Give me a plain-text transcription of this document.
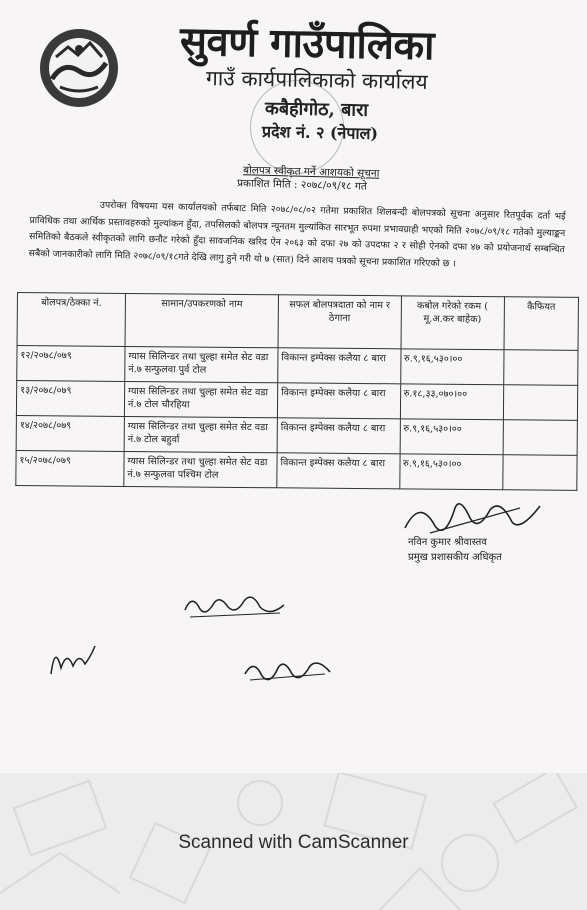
सुवर्ण गाउँपालिका
गाउँ कार्यपालिकाको कार्यालय
कबैहीगोठ, बारा
प्रदेश नं. २ (नेपाल)
बोलपत्र स्वीकृत गर्ने आशयको सूचना
प्रकाशित मिति : २०७८/०९/१८ गते
उपरोक्त विषयमा यस कार्यालयको तर्फबाट मिति २०७८/०८/०२ गतेमा प्रकाशित शिलबन्दी बोलपत्रको सूचना अनुसार रितपूर्वक दर्ता भई प्राविधिक तथा आर्थिक प्रस्तावहरुको मुल्यांकन हुँदा, तपसिलको बोलपत्र न्यूनतम मुल्यांकित सारभूत रुपमा प्रभावग्राही भएको मिति २०७८/०९/१८ गतेको मुल्याङ्कन समितिको बैठकले स्वीकृतको लागि छनौट गरेको हुँदा सावजनिक खरिद ऐन २०६३ को दफा २७ को उपदफा २ र सोही ऐनको दफा ४७ को प्रयोजनार्थ सम्बन्धित सबैको जानकारीको लागि मिति २०७८/०९/१८गते देखि लागु हुने गरी यो ७ (सात) दिने आशय पत्रको सूचना प्रकाशित गरिएको छ ।
बोलपत्र/ठेक्का नं.	सामान/उपकरणको नाम	सफल बोलपत्रदाता को नाम र ठेगाना	कबोल गरेको रकम ( मू.अ.कर बाहेक)	कैफियत
१२/२०७८/०७९	ग्यास सिलिन्डर तथा चुल्हा समेत सेट वडा नं.७ सन्फुलवा पुर्व टोल	विकान्त इम्पेक्स कलैया ८ बारा	रु.९,१६,५३०।००	
१३/२०७८/०७९	ग्यास सिलिन्डर तथा चुल्हा समेत सेट वडा नं.७ टोल चौरहिया	विकान्त इम्पेक्स कलैया ८ बारा	रु.१८,३३,०७०।००	
१४/२०७८/०७९	ग्यास सिलिन्डर तथा चुल्हा समेत सेट वडा नं.७ टोल बहुर्वा	विकान्त इम्पेक्स कलैया ८ बारा	रु.९,१६,५३०।००	
१५/२०७८/०७९	ग्यास सिलिन्डर तथा चुल्हा समेत सेट वडा नं.७ सन्फुलवा पश्चिम टोल	विकान्त इम्पेक्स कलैया ८ बारा	रु.९,१६,५३०।००	
नविन कुमार श्रीवास्तव
प्रमुख प्रशासकीय अधिकृत
Scanned with CamScanner
